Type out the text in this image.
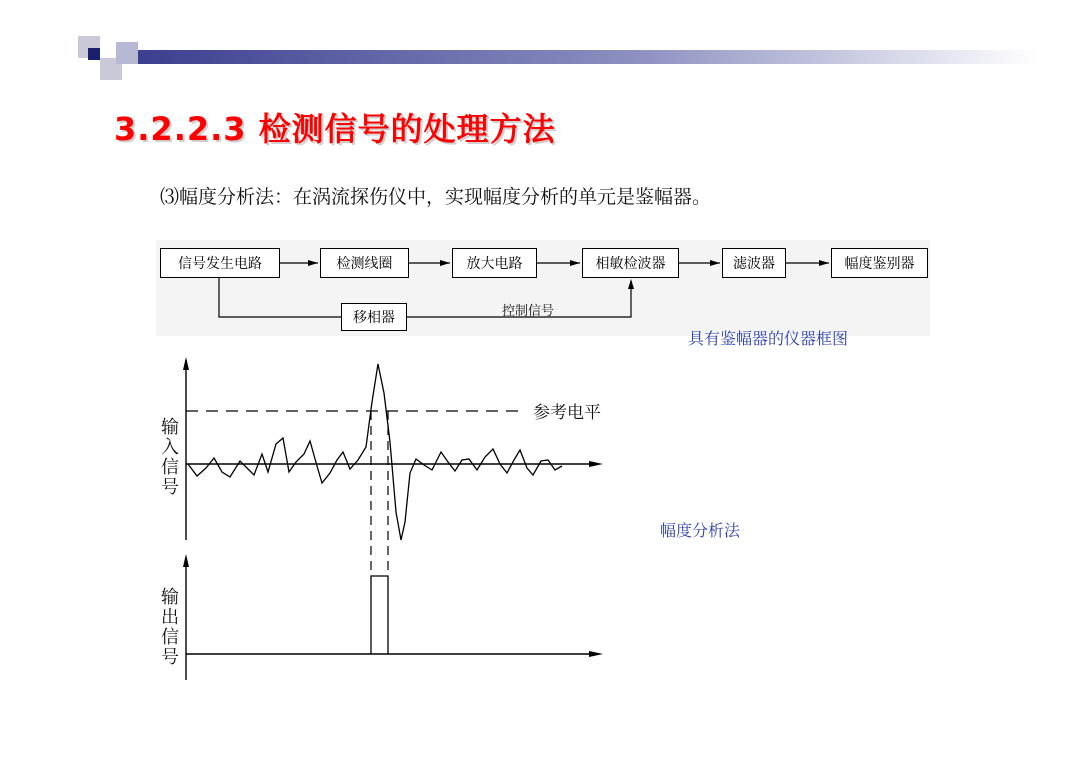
3.2.2.3 检测信号的处理方法
⑶幅度分析法：在涡流探伤仪中，实现幅度分析的单元是鉴幅器。
信号发生电路	检测线圈	放大电路	相敏检波器	滤波器	幅度鉴别器
移相器	控制信号
具有鉴幅器的仪器框图
输入信号
输出信号
参考电平
幅度分析法
